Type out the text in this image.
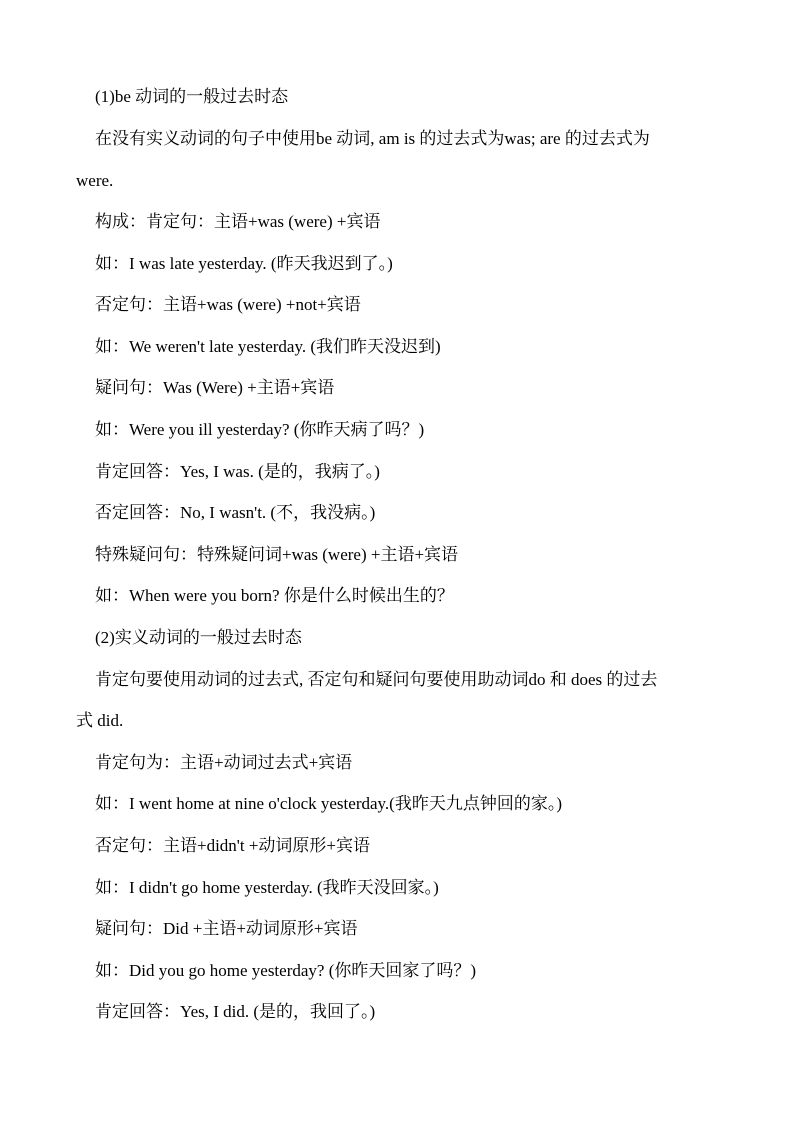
(1)be 动词的一般过去时态
在没有实义动词的句子中使用be 动词, am is 的过去式为was; are 的过去式为
were.
构成：肯定句：主语+was (were) +宾语
如：I was late yesterday. (昨天我迟到了。)
否定句：主语+was (were) +not+宾语
如：We weren't late yesterday. (我们昨天没迟到)
疑问句：Was (Were) +主语+宾语
如：Were you ill yesterday? (你昨天病了吗？)
肯定回答：Yes, I was. (是的，我病了。)
否定回答：No, I wasn't. (不，我没病。)
特殊疑问句：特殊疑问词+was (were) +主语+宾语
如：When were you born? 你是什么时候出生的？
(2)实义动词的一般过去时态
肯定句要使用动词的过去式, 否定句和疑问句要使用助动词do 和 does 的过去
式 did.
肯定句为：主语+动词过去式+宾语
如：I went home at nine o'clock yesterday.(我昨天九点钟回的家。)
否定句：主语+didn't +动词原形+宾语
如：I didn't go home yesterday. (我昨天没回家。)
疑问句：Did +主语+动词原形+宾语
如：Did you go home yesterday? (你昨天回家了吗？)
肯定回答：Yes, I did. (是的，我回了。)
